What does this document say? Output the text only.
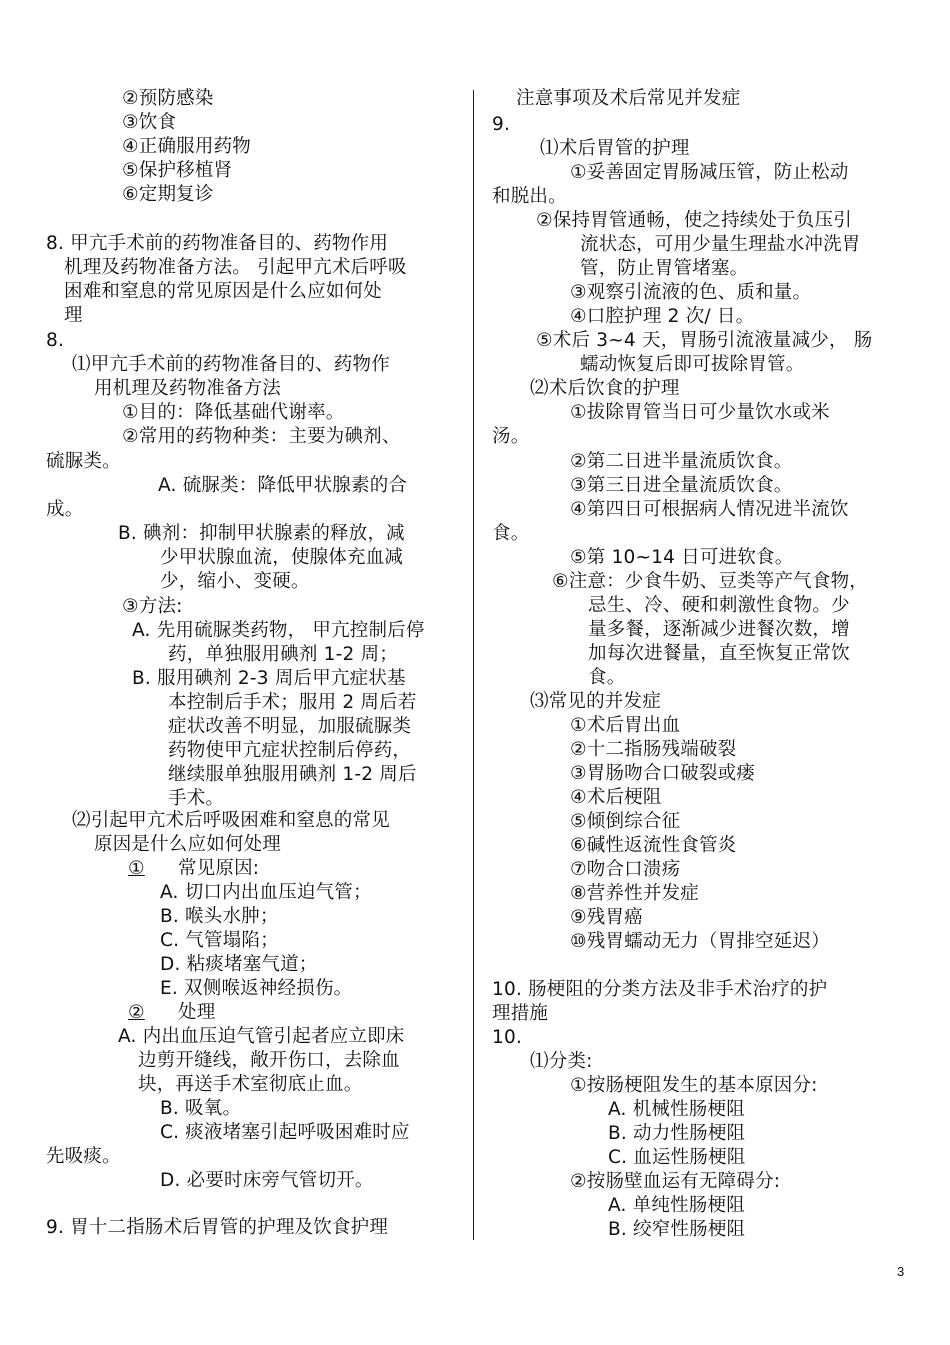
②预防感染
③饮食
④正确服用药物
⑤保护移植肾
⑥定期复诊
8. 甲亢手术前的药物准备目的、药物作用
机理及药物准备方法。 引起甲亢术后呼吸
困难和窒息的常见原因是什么应如何处
理
8.
⑴甲亢手术前的药物准备目的、药物作
用机理及药物准备方法
①目的：降低基础代谢率。
②常用的药物种类：主要为碘剂、
硫脲类。
A. 硫脲类：降低甲状腺素的合
成。
B. 碘剂：抑制甲状腺素的释放，减
少甲状腺血流，使腺体充血减
少，缩小、变硬。
③方法:
A. 先用硫脲类药物， 甲亢控制后停
药，单独服用碘剂 1-2 周；
B. 服用碘剂 2-3 周后甲亢症状基
本控制后手术；服用 2 周后若
症状改善不明显，加服硫脲类
药物使甲亢症状控制后停药，
继续服单独服用碘剂 1-2 周后
手术。
⑵引起甲亢术后呼吸困难和窒息的常见
原因是什么应如何处理
① 常见原因:
A. 切口内出血压迫气管；
B. 喉头水肿；
C. 气管塌陷；
D. 粘痰堵塞气道；
E. 双侧喉返神经损伤。
② 处理
A. 内出血压迫气管引起者应立即床
边剪开缝线，敞开伤口，去除血
块，再送手术室彻底止血。
B. 吸氧。
C. 痰液堵塞引起呼吸困难时应
先吸痰。
D. 必要时床旁气管切开。
9. 胃十二指肠术后胃管的护理及饮食护理
注意事项及术后常见并发症
9.
⑴术后胃管的护理
①妥善固定胃肠减压管，防止松动
和脱出。
②保持胃管通畅，使之持续处于负压引
流状态，可用少量生理盐水冲洗胃
管，防止胃管堵塞。
③观察引流液的色、质和量。
④口腔护理 2 次/ 日。
⑤术后 3~4 天，胃肠引流液量减少， 肠
蠕动恢复后即可拔除胃管。
⑵术后饮食的护理
①拔除胃管当日可少量饮水或米
汤。
②第二日进半量流质饮食。
③第三日进全量流质饮食。
④第四日可根据病人情况进半流饮
食。
⑤第 10~14 日可进软食。
⑥注意：少食牛奶、豆类等产气食物，
忌生、冷、硬和刺激性食物。少
量多餐，逐渐减少进餐次数，增
加每次进餐量，直至恢复正常饮
食。
⑶常见的并发症
①术后胃出血
②十二指肠残端破裂
③胃肠吻合口破裂或瘘
④术后梗阻
⑤倾倒综合征
⑥碱性返流性食管炎
⑦吻合口溃疡
⑧营养性并发症
⑨残胃癌
⑩残胃蠕动无力（胃排空延迟）
10. 肠梗阻的分类方法及非手术治疗的护
理措施
10.
⑴分类:
①按肠梗阻发生的基本原因分:
A. 机械性肠梗阻
B. 动力性肠梗阻
C. 血运性肠梗阻
②按肠壁血运有无障碍分:
A. 单纯性肠梗阻
B. 绞窄性肠梗阻
3
